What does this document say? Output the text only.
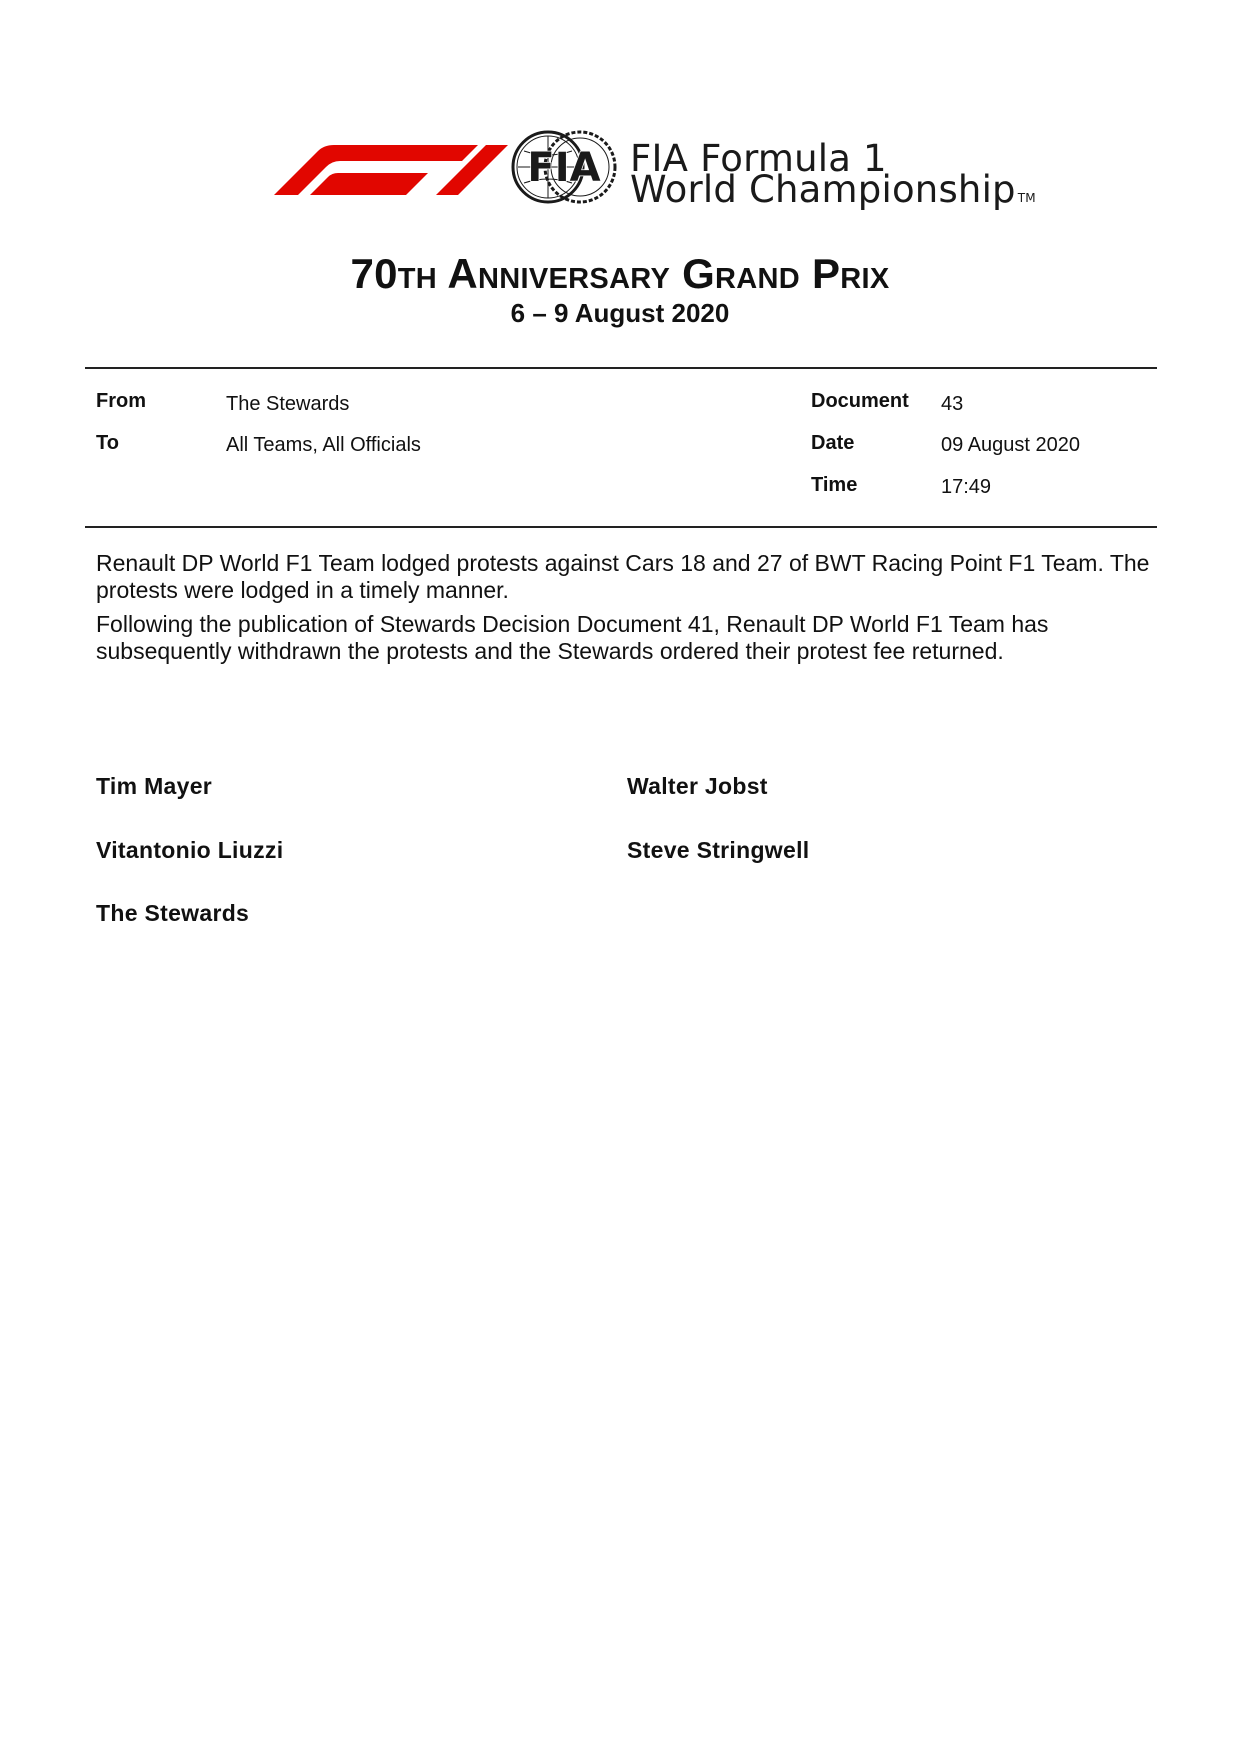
FIA FIA Formula 1
World Championship TM
70th Anniversary Grand Prix
6 – 9 August 2020
From	The Stewards
To	All Teams, All Officials
Document 43
Date	09 August 2020
Time	17:49
Renault DP World F1 Team lodged protests against Cars 18 and 27 of BWT Racing Point F1 Team. The protests were lodged in a timely manner.
Following the publication of Stewards Decision Document 41, Renault DP World F1 Team has subsequently withdrawn the protests and the Stewards ordered their protest fee returned.
Tim Mayer	Walter Jobst
Vitantonio Liuzzi	Steve Stringwell
The Stewards
